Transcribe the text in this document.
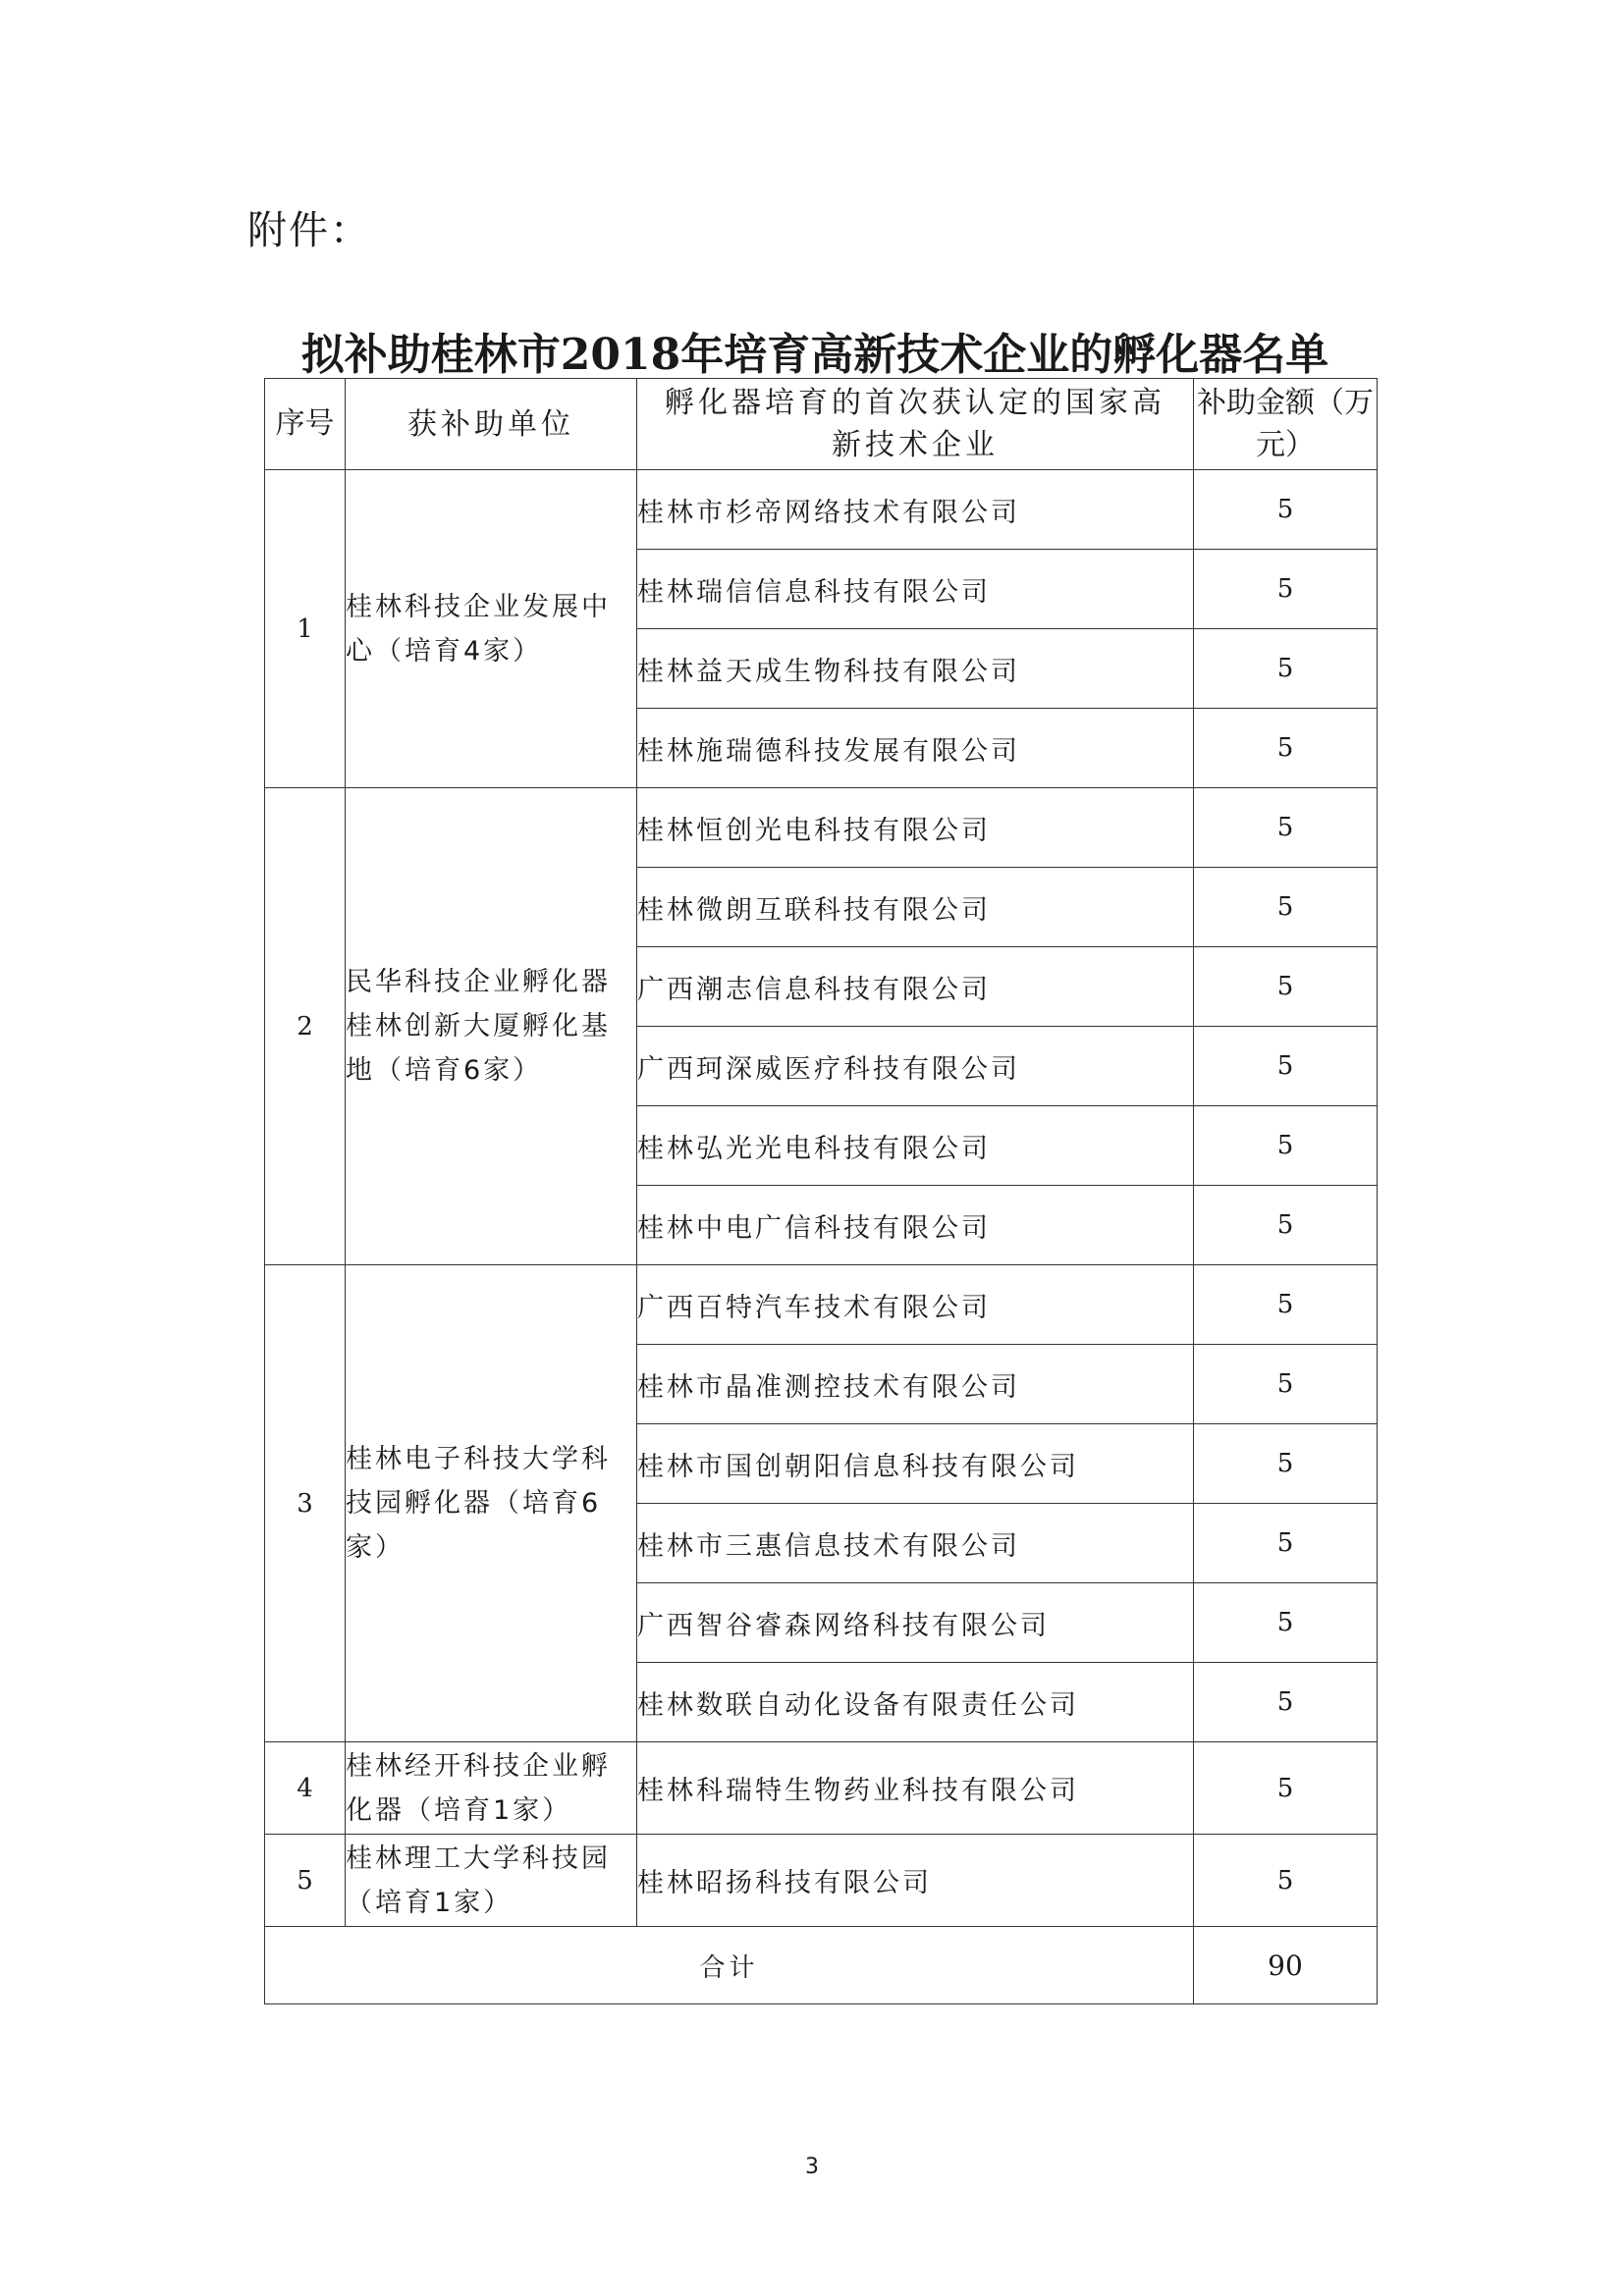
附件：
拟补助桂林市2018年培育高新技术企业的孵化器名单
序号	获补助单位	孵化器培育的首次获认定的国家高新技术企业	补助金额（万元）
1	桂林科技企业发展中心（培育4家）	桂林市杉帝网络技术有限公司	5
		桂林瑞信信息科技有限公司	5
		桂林益天成生物科技有限公司	5
		桂林施瑞德科技发展有限公司	5
2	民华科技企业孵化器桂林创新大厦孵化基地（培育6家）	桂林恒创光电科技有限公司	5
		桂林微朗互联科技有限公司	5
		广西潮志信息科技有限公司	5
		广西珂深威医疗科技有限公司	5
		桂林弘光光电科技有限公司	5
		桂林中电广信科技有限公司	5
3	桂林电子科技大学科技园孵化器（培育6家）	广西百特汽车技术有限公司	5
		桂林市晶准测控技术有限公司	5
		桂林市国创朝阳信息科技有限公司	5
		桂林市三惠信息技术有限公司	5
		广西智谷睿森网络科技有限公司	5
		桂林数联自动化设备有限责任公司	5
4	桂林经开科技企业孵化器（培育1家）	桂林科瑞特生物药业科技有限公司	5
5	桂林理工大学科技园（培育1家）	桂林昭扬科技有限公司	5
合计			90
3
